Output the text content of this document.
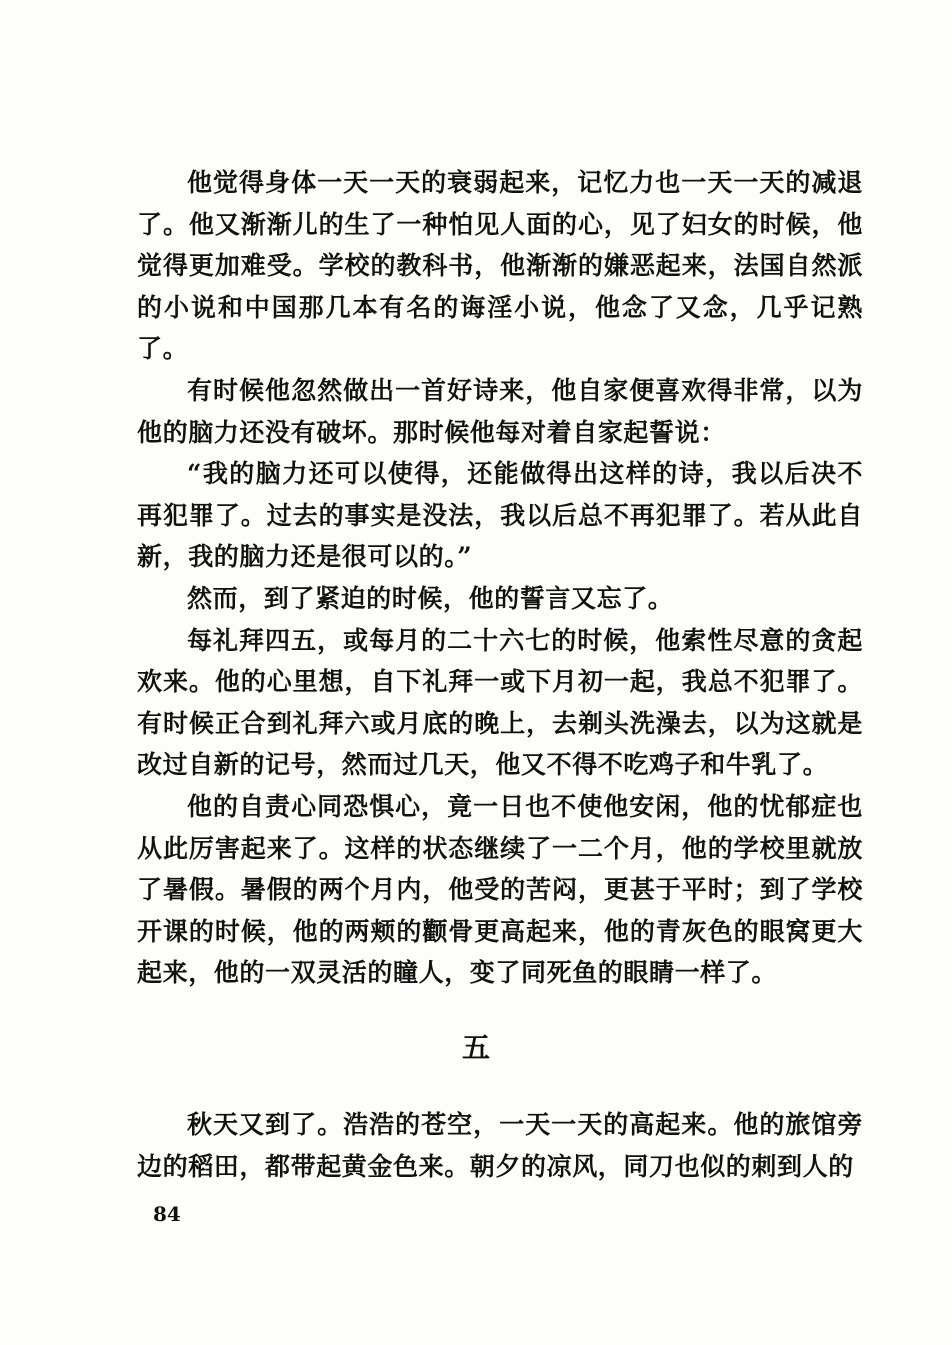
他觉得身体一天一天的衰弱起来，记忆力也一天一天的减退了。他又渐渐儿的生了一种怕见人面的心，见了妇女的时候，他觉得更加难受。学校的教科书，他渐渐的嫌恶起来，法国自然派的小说和中国那几本有名的诲淫小说，他念了又念，几乎记熟了。

有时候他忽然做出一首好诗来，他自家便喜欢得非常，以为他的脑力还没有破坏。那时候他每对着自家起誓说：

“我的脑力还可以使得，还能做得出这样的诗，我以后决不再犯罪了。过去的事实是没法，我以后总不再犯罪了。若从此自新，我的脑力还是很可以的。”

然而，到了紧迫的时候，他的誓言又忘了。

每礼拜四五，或每月的二十六七的时候，他索性尽意的贪起欢来。他的心里想，自下礼拜一或下月初一起，我总不犯罪了。有时候正合到礼拜六或月底的晚上，去剃头洗澡去，以为这就是改过自新的记号，然而过几天，他又不得不吃鸡子和牛乳了。

他的自责心同恐惧心，竟一日也不使他安闲，他的忧郁症也从此厉害起来了。这样的状态继续了一二个月，他的学校里就放了暑假。暑假的两个月内，他受的苦闷，更甚于平时；到了学校开课的时候，他的两颊的颧骨更高起来，他的青灰色的眼窝更大起来，他的一双灵活的瞳人，变了同死鱼的眼睛一样了。

五

秋天又到了。浩浩的苍空，一天一天的高起来。他的旅馆旁边的稻田，都带起黄金色来。朝夕的凉风，同刀也似的刺到人的

84
